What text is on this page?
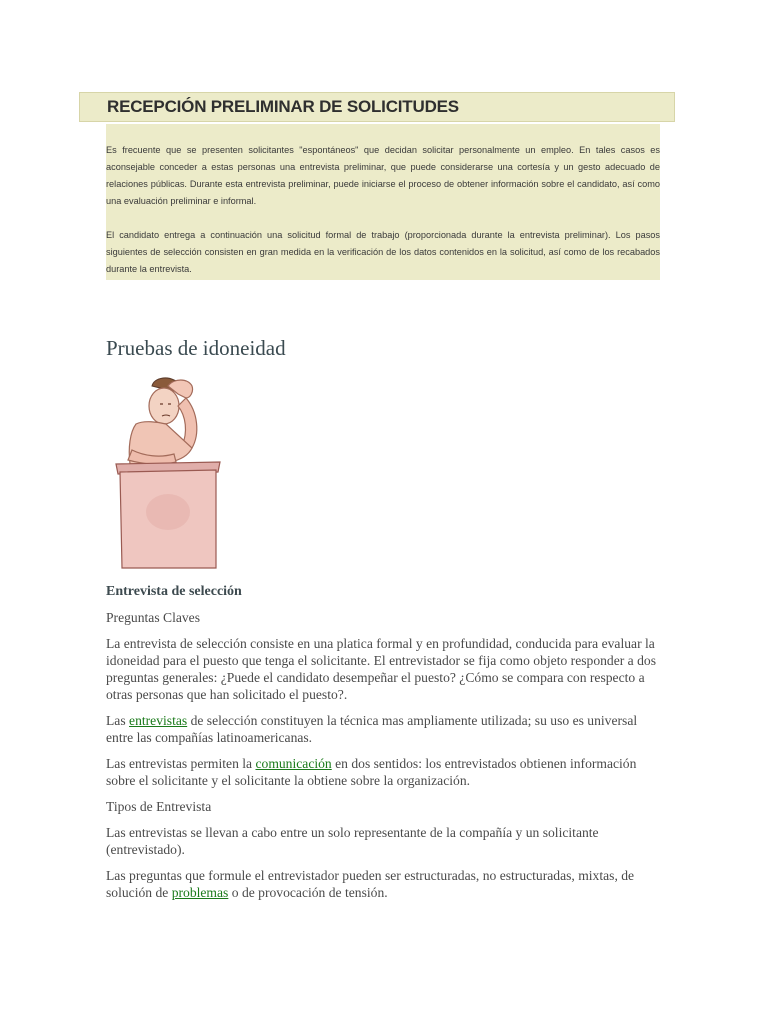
RECEPCIÓN PRELIMINAR DE SOLICITUDES

Es frecuente que se presenten solicitantes "espontáneos" que decidan solicitar personalmente un empleo. En tales casos es aconsejable conceder a estas personas una entrevista preliminar, que puede considerarse una cortesía y un gesto adecuado de relaciones públicas. Durante esta entrevista preliminar, puede iniciarse el proceso de obtener información sobre el candidato, así como una evaluación preliminar e informal.

El candidato entrega a continuación una solicitud formal de trabajo (proporcionada durante la entrevista preliminar). Los pasos siguientes de selección consisten en gran medida en la verificación de los datos contenidos en la solicitud, así como de los recabados durante la entrevista.

Pruebas de idoneidad
Entrevista de selección

Preguntas Claves

La entrevista de selección consiste en una platica formal y en profundidad, conducida para evaluar la idoneidad para el puesto que tenga el solicitante. El entrevistador se fija como objeto responder a dos preguntas generales: ¿Puede el candidato desempeñar el puesto? ¿Cómo se compara con respecto a otras personas que han solicitado el puesto?.

Las entrevistas de selección constituyen la técnica mas ampliamente utilizada; su uso es universal entre las compañías latinoamericanas.

Las entrevistas permiten la comunicación en dos sentidos: los entrevistados obtienen información sobre el solicitante y el solicitante la obtiene sobre la organización.

Tipos de Entrevista

Las entrevistas se llevan a cabo entre un solo representante de la compañía y un solicitante (entrevistado).

Las preguntas que formule el entrevistador pueden ser estructuradas, no estructuradas, mixtas, de solución de problemas o de provocación de tensión.
